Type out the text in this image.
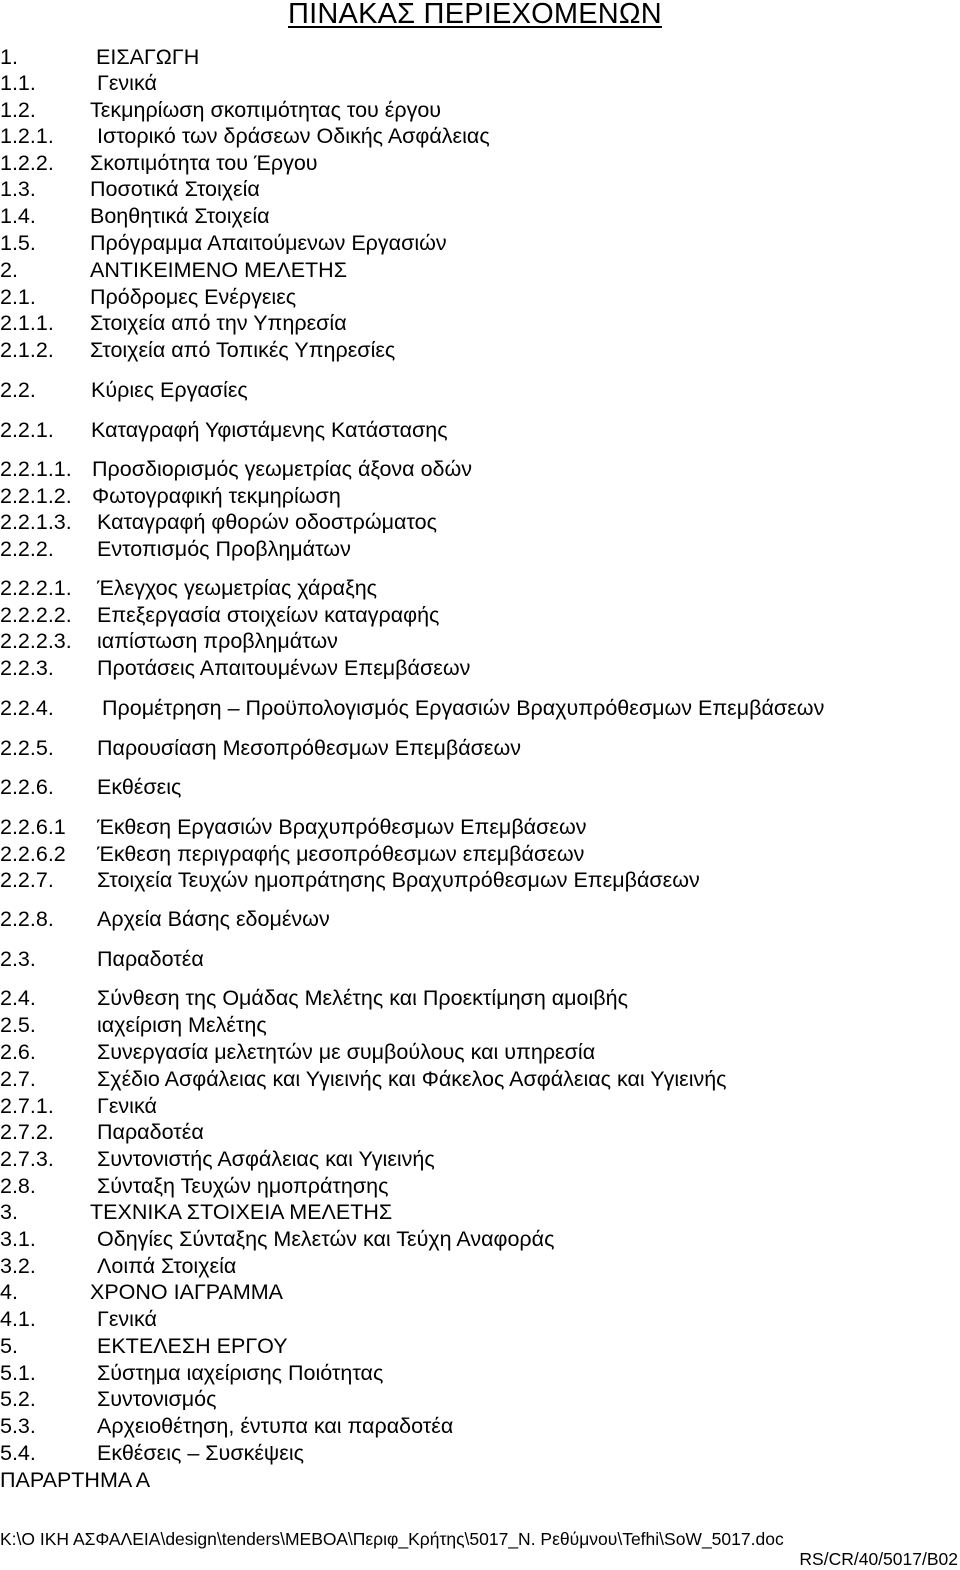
ΠΙΝΑΚΑΣ ΠΕΡΙΕΧΟΜΕΝΩΝ
1.	ΕΙΣΑΓΩΓΗ
1.1.	Γενικά
1.2.	Τεκμηρίωση σκοπιμότητας του έργου
1.2.1. Ιστορικό των δράσεων Οδικής Ασφάλειας
1.2.2. Σκοπιμότητα του Έργου
1.3.	Ποσοτικά Στοιχεία
1.4.	Βοηθητικά Στοιχεία
1.5.	Πρόγραμμα Απαιτούμενων Εργασιών
2.	ΑΝΤΙΚΕΙΜΕΝΟ ΜΕΛΕΤΗΣ
2.1.	Πρόδρομες Ενέργειες
2.1.1. Στοιχεία από την Υπηρεσία
2.1.2. Στοιχεία από Τοπικές Υπηρεσίες
2.2.	Κύριες Εργασίες
2.2.1. Καταγραφή Υφιστάμενης Κατάστασης
2.2.1.1. Προσδιορισμός γεωμετρίας άξονα οδών
2.2.1.2. Φωτογραφική τεκμηρίωση
2.2.1.3. Καταγραφή φθορών οδοστρώματος
2.2.2. Εντοπισμός Προβλημάτων
2.2.2.1. Έλεγχος γεωμετρίας χάραξης
2.2.2.2. Επεξεργασία στοιχείων καταγραφής
2.2.2.3. ιαπίστωση προβλημάτων
2.2.3. Προτάσεις Απαιτουμένων Επεμβάσεων
2.2.4. Προμέτρηση – Προϋπολογισμός Εργασιών Βραχυπρόθεσμων Επεμβάσεων
2.2.5. Παρουσίαση Μεσοπρόθεσμων Επεμβάσεων
2.2.6. Εκθέσεις
2.2.6.1 Έκθεση Εργασιών Βραχυπρόθεσμων Επεμβάσεων
2.2.6.2 Έκθεση περιγραφής μεσοπρόθεσμων επεμβάσεων
2.2.7. Στοιχεία Τευχών ημοπράτησης Βραχυπρόθεσμων Επεμβάσεων
2.2.8. Αρχεία Βάσης εδομένων
2.3.	Παραδοτέα
2.4.	Σύνθεση της Ομάδας Μελέτης και Προεκτίμηση αμοιβής
2.5.	ιαχείριση Μελέτης
2.6.	Συνεργασία μελετητών με συμβούλους και υπηρεσία
2.7.	Σχέδιο Ασφάλειας και Υγιεινής και Φάκελος Ασφάλειας και Υγιεινής
2.7.1. Γενικά
2.7.2. Παραδοτέα
2.7.3. Συντονιστής Ασφάλειας και Υγιεινής
2.8.	Σύνταξη Τευχών ημοπράτησης
3.	ΤΕΧΝΙΚΑ ΣΤΟΙΧΕΙΑ ΜΕΛΕΤΗΣ
3.1.	Οδηγίες Σύνταξης Μελετών και Τεύχη Αναφοράς
3.2.	Λοιπά Στοιχεία
4.	ΧΡΟΝΟ ΙΑΓΡΑΜΜΑ
4.1.	Γενικά
5.	ΕΚΤΕΛΕΣΗ ΕΡΓΟΥ
5.1.	Σύστημα ιαχείρισης Ποιότητας
5.2.	Συντονισμός
5.3.	Αρχειοθέτηση, έντυπα και παραδοτέα
5.4.	Εκθέσεις – Συσκέψεις
ΠΑΡΑΡΤΗΜΑ Α
K:\Ο ΙΚΗ ΑΣΦΑΛΕΙΑ\design\tenders\ΜΕΒΟΑ\Περιφ_Κρήτης\5017_Ν. Ρεθύμνου\Tefhi\SoW_5017.doc
RS/CR/40/5017/B02
